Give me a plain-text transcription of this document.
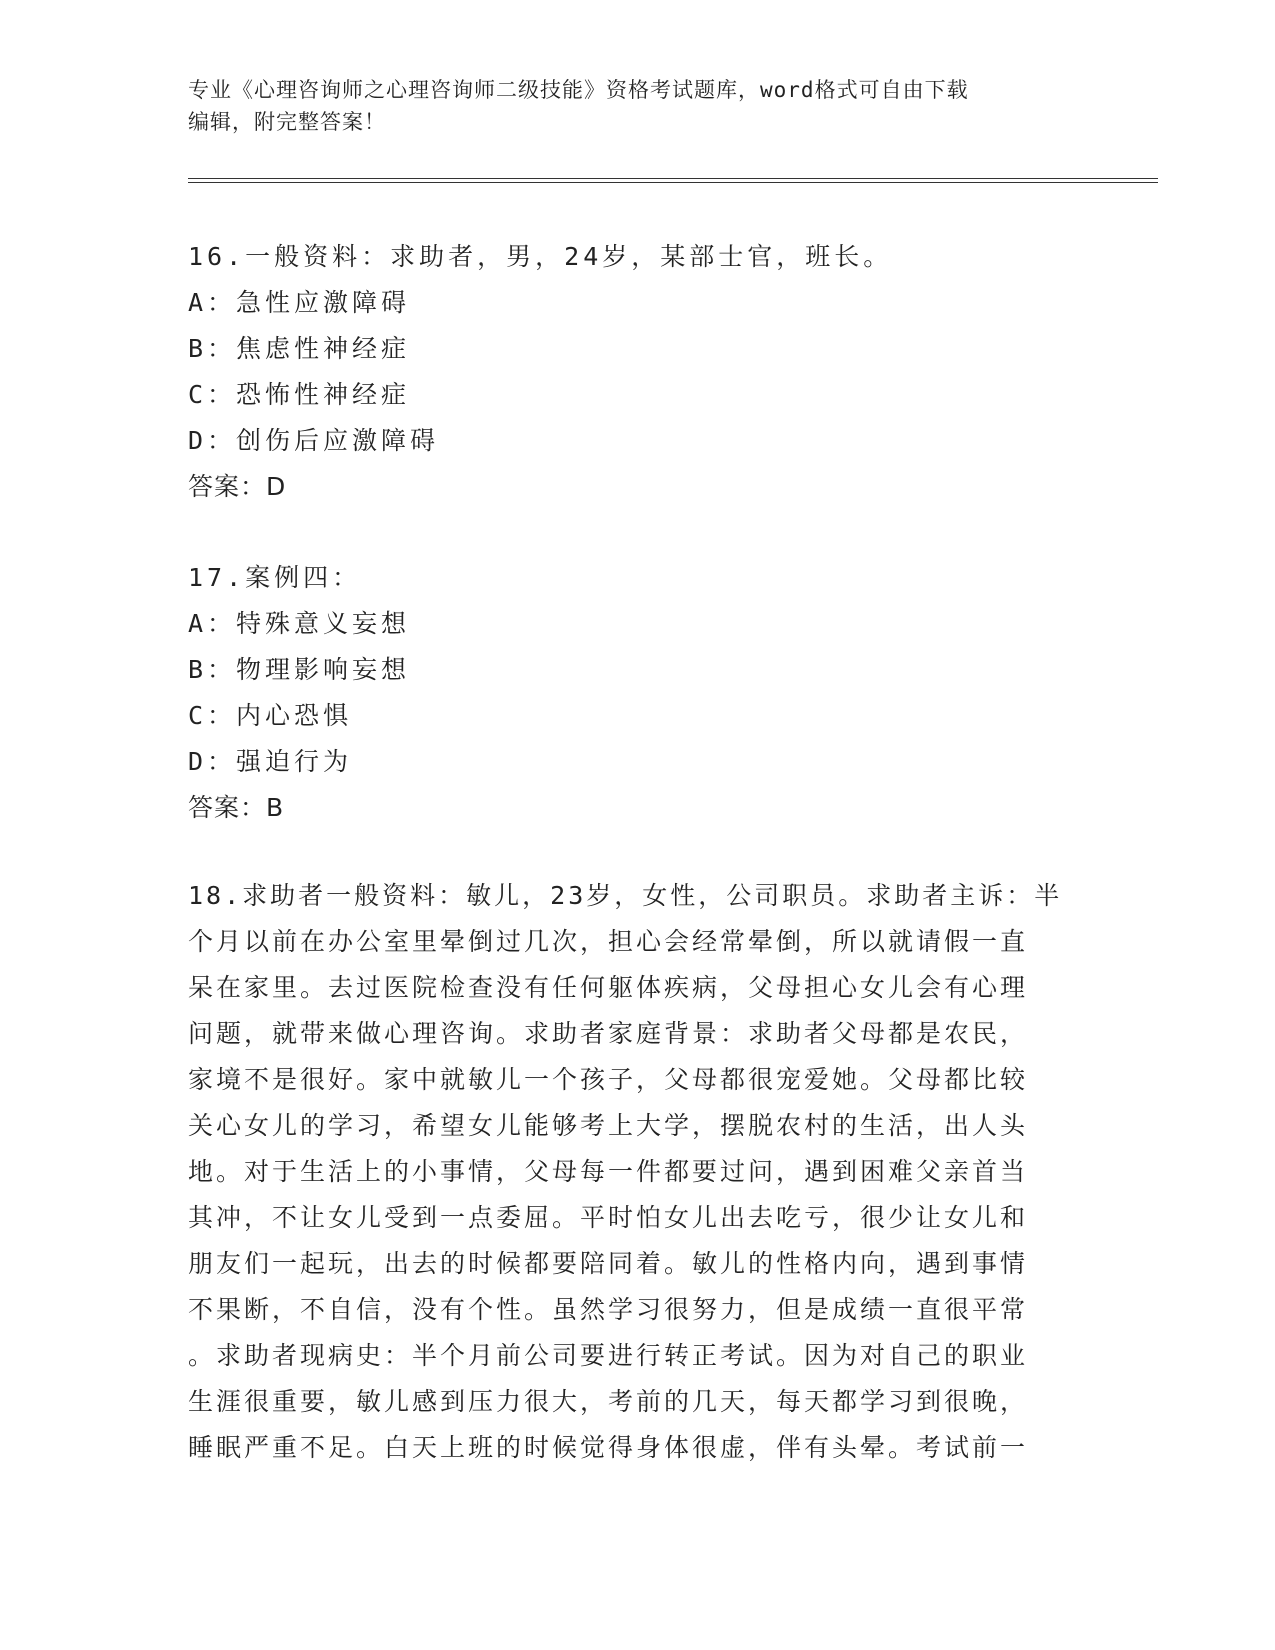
专业《心理咨询师之心理咨询师二级技能》资格考试题库，word格式可自由下载
编辑，附完整答案！
16.一般资料：求助者，男，24岁，某部士官，班长。
A：急性应激障碍
B：焦虑性神经症
C：恐怖性神经症
D：创伤后应激障碍
答案：D
17.案例四：
A：特殊意义妄想
B：物理影响妄想
C：内心恐惧
D：强迫行为
答案：B
18.求助者一般资料：敏儿，23岁，女性，公司职员。求助者主诉：半
个月以前在办公室里晕倒过几次，担心会经常晕倒，所以就请假一直
呆在家里。去过医院检查没有任何躯体疾病，父母担心女儿会有心理
问题，就带来做心理咨询。求助者家庭背景：求助者父母都是农民，
家境不是很好。家中就敏儿一个孩子，父母都很宠爱她。父母都比较
关心女儿的学习，希望女儿能够考上大学，摆脱农村的生活，出人头
地。对于生活上的小事情，父母每一件都要过问，遇到困难父亲首当
其冲，不让女儿受到一点委屈。平时怕女儿出去吃亏，很少让女儿和
朋友们一起玩，出去的时候都要陪同着。敏儿的性格内向，遇到事情
不果断，不自信，没有个性。虽然学习很努力，但是成绩一直很平常
。求助者现病史：半个月前公司要进行转正考试。因为对自己的职业
生涯很重要，敏儿感到压力很大，考前的几天，每天都学习到很晚，
睡眠严重不足。白天上班的时候觉得身体很虚，伴有头晕。考试前一
